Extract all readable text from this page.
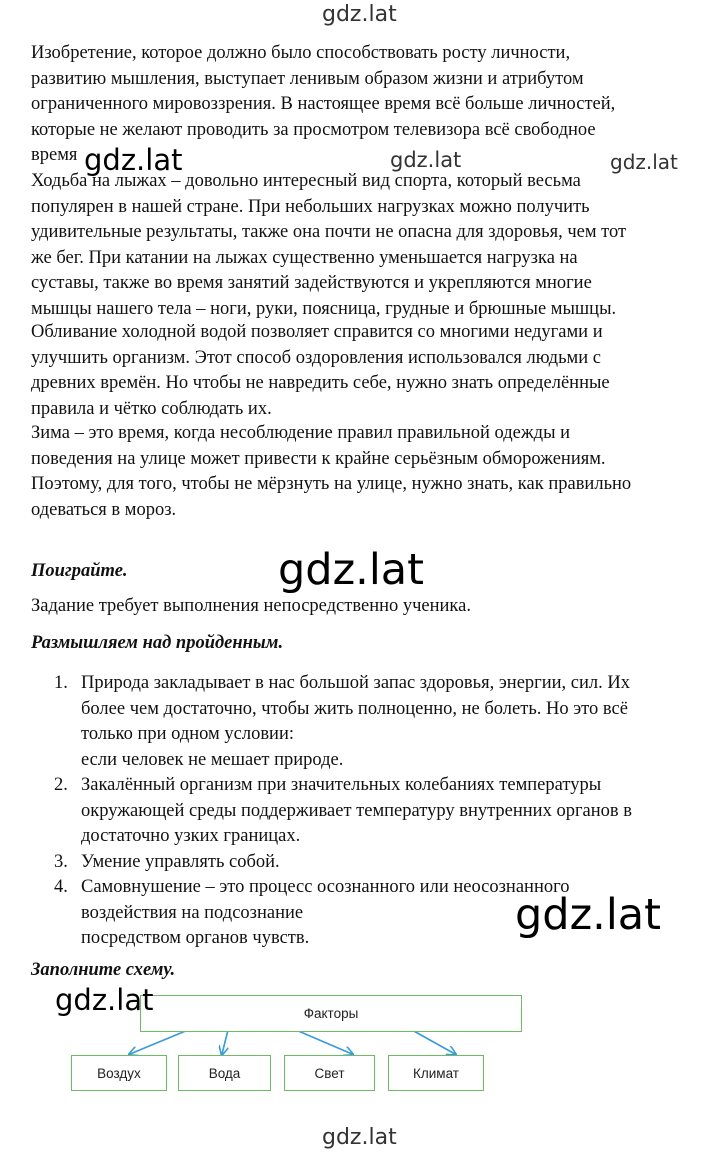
gdz.lat
Изобретение, которое должно было способствовать росту личности,
развитию мышления, выступает ленивым образом жизни и атрибутом
ограниченного мировоззрения. В настоящее время всё больше личностей,
которые не желают проводить за просмотром телевизора всё свободное
время gdz.lat	gdz.lat	gdz.lat
Ходьба на лыжах – довольно интересный вид спорта, который весьма
популярен в нашей стране. При небольших нагрузках можно получить
удивительные результаты, также она почти не опасна для здоровья, чем тот
же бег. При катании на лыжах существенно уменьшается нагрузка на
суставы, также во время занятий задействуются и укрепляются многие
мышцы нашего тела – ноги, руки, поясница, грудные и брюшные мышцы.
Обливание холодной водой позволяет справится со многими недугами и
улучшить организм. Этот способ оздоровления использовался людьми с
древних времён. Но чтобы не навредить себе, нужно знать определённые
правила и чётко соблюдать их.
Зима – это время, когда несоблюдение правил правильной одежды и
поведения на улице может привести к крайне серьёзным обморожениям.
Поэтому, для того, чтобы не мёрзнуть на улице, нужно знать, как правильно
одеваться в мороз.
Поиграйте.	gdz.lat
Задание требует выполнения непосредственно ученика.
Размышляем над пройденным.
1. Природа закладывает в нас большой запас здоровья, энергии, сил. Их
более чем достаточно, чтобы жить полноценно, не болеть. Но это всё
только при одном условии:
если человек не мешает природе.
2. Закалённый организм при значительных колебаниях температуры
окружающей среды поддерживает температуру внутренних органов в
достаточно узких границах.
3. Умение управлять собой.
4. Самовнушение – это процесс осознанного или неосознанного
воздействия на подсознание
посредством органов чувств.	gdz.lat
Заполните схему.
Факторы
Воздух	Вода	Свет	Климат
gdz.lat
gdz.lat
